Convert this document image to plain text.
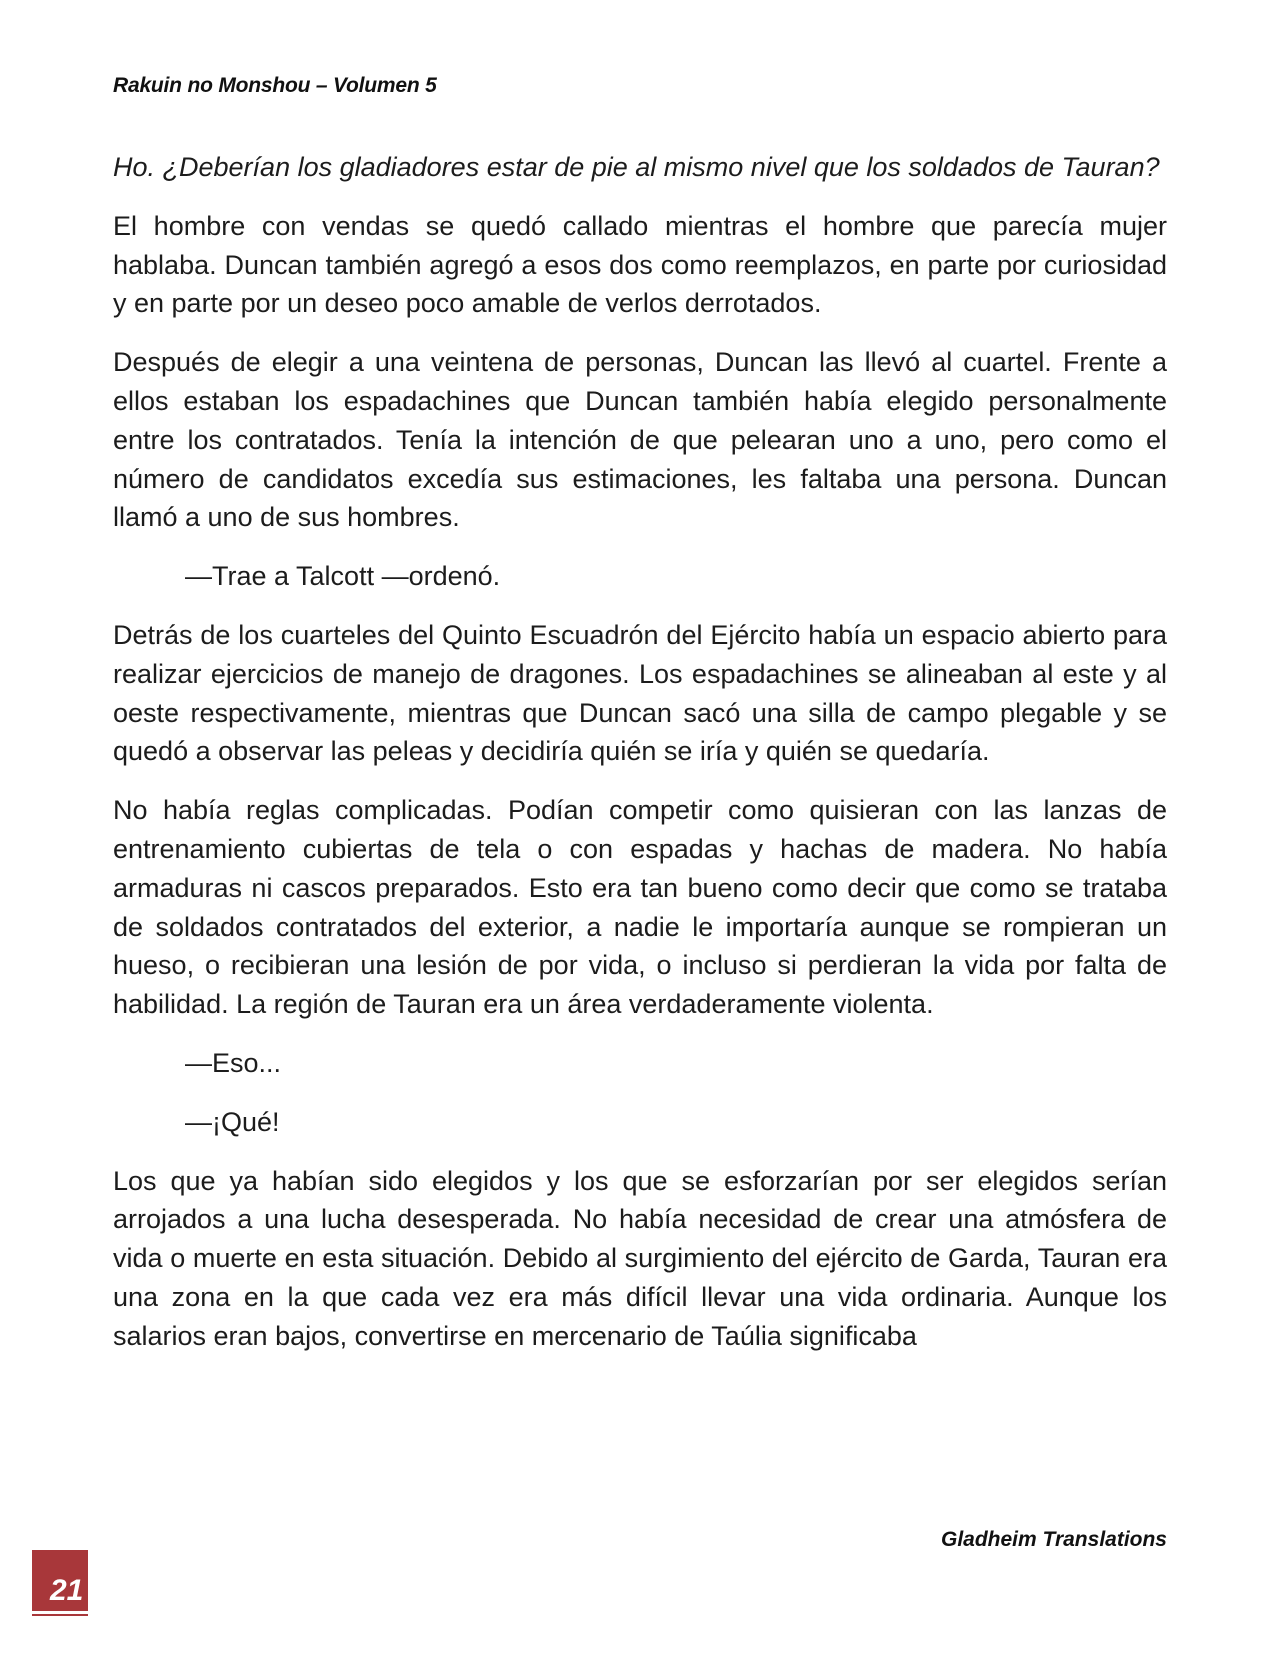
Rakuin no Monshou – Volumen 5

Ho. ¿Deberían los gladiadores estar de pie al mismo nivel que los soldados de Tauran?

El hombre con vendas se quedó callado mientras el hombre que parecía mujer hablaba. Duncan también agregó a esos dos como reemplazos, en parte por curiosidad y en parte por un deseo poco amable de verlos derrotados.

Después de elegir a una veintena de personas, Duncan las llevó al cuartel. Frente a ellos estaban los espadachines que Duncan también había elegido personalmente entre los contratados. Tenía la intención de que pelearan uno a uno, pero como el número de candidatos excedía sus estimaciones, les faltaba una persona. Duncan llamó a uno de sus hombres.

—Trae a Talcott —ordenó.

Detrás de los cuarteles del Quinto Escuadrón del Ejército había un espacio abierto para realizar ejercicios de manejo de dragones. Los espadachines se alineaban al este y al oeste respectivamente, mientras que Duncan sacó una silla de campo plegable y se quedó a observar las peleas y decidiría quién se iría y quién se quedaría.

No había reglas complicadas. Podían competir como quisieran con las lanzas de entrenamiento cubiertas de tela o con espadas y hachas de madera. No había armaduras ni cascos preparados. Esto era tan bueno como decir que como se trataba de soldados contratados del exterior, a nadie le importaría aunque se rompieran un hueso, o recibieran una lesión de por vida, o incluso si perdieran la vida por falta de habilidad. La región de Tauran era un área verdaderamente violenta.

—Eso...

—¡Qué!

Los que ya habían sido elegidos y los que se esforzarían por ser elegidos serían arrojados a una lucha desesperada. No había necesidad de crear una atmósfera de vida o muerte en esta situación. Debido al surgimiento del ejército de Garda, Tauran era una zona en la que cada vez era más difícil llevar una vida ordinaria. Aunque los salarios eran bajos, convertirse en mercenario de Taúlia significaba

Gladheim Translations
21
